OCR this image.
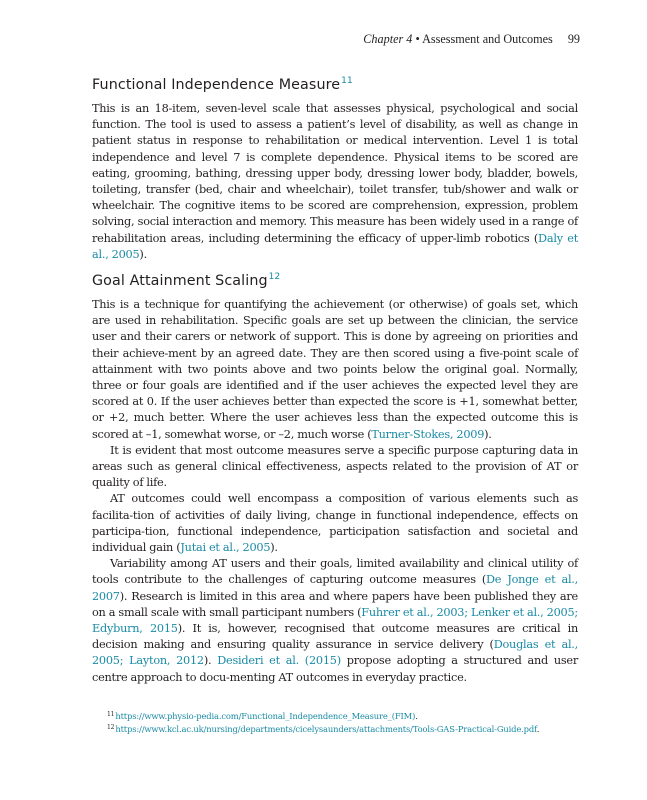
Chapter 4 • Assessment and Outcomes 99
Functional Independence Measure$^{11}$

This is an 18-item, seven-level scale that assesses physical, psychological and social function. The tool is used to assess a patient’s level of disability, as well as change in patient status in response to rehabilitation or medical intervention. Level 1 is total independence and level 7 is complete dependence. Physical items to be scored are eating, grooming, bathing, dressing upper body, dressing lower body, bladder, bowels, toileting, transfer (bed, chair and wheelchair), toilet transfer, tub/shower and walk or wheelchair. The cognitive items to be scored are comprehension, expression, problem solving, social interaction and memory. This measure has been widely used in a range of rehabilitation areas, including determining the efficacy of upper-limb robotics (Daly et al., 2005).

Goal Attainment Scaling$^{12}$

This is a technique for quantifying the achievement (or otherwise) of goals set, which are used in rehabilitation. Specific goals are set up between the clinician, the service user and their carers or network of support. This is done by agreeing on priorities and their achieve-ment by an agreed date. They are then scored using a five-point scale of attainment with two points above and two points below the original goal. Normally, three or four goals are identified and if the user achieves the expected level they are scored at 0. If the user achieves better than expected the score is +1, somewhat better, or +2, much better. Where the user achieves less than the expected outcome this is scored at –1, somewhat worse, or –2, much worse (Turner-Stokes, 2009).

It is evident that most outcome measures serve a specific purpose capturing data in areas such as general clinical effectiveness, aspects related to the provision of AT or quality of life.

AT outcomes could well encompass a composition of various elements such as facilita-tion of activities of daily living, change in functional independence, effects on participa-tion, functional independence, participation satisfaction and societal and individual gain (Jutai et al., 2005).

Variability among AT users and their goals, limited availability and clinical utility of tools contribute to the challenges of capturing outcome measures (De Jonge et al., 2007). Research is limited in this area and where papers have been published they are on a small scale with small participant numbers (Fuhrer et al., 2003; Lenker et al., 2005; Edyburn, 2015). It is, however, recognised that outcome measures are critical in decision making and ensuring quality assurance in service delivery (Douglas et al., 2005; Layton, 2012). Desideri et al. (2015) propose adopting a structured and user centre approach to docu-menting AT outcomes in everyday practice.

$^{11}$https://www.physio-pedia.com/Functional_Independence_Measure_(FIM).
$^{12}$https://www.kcl.ac.uk/nursing/departments/cicelysaunders/attachments/Tools-GAS-Practical-Guide.pdf.
